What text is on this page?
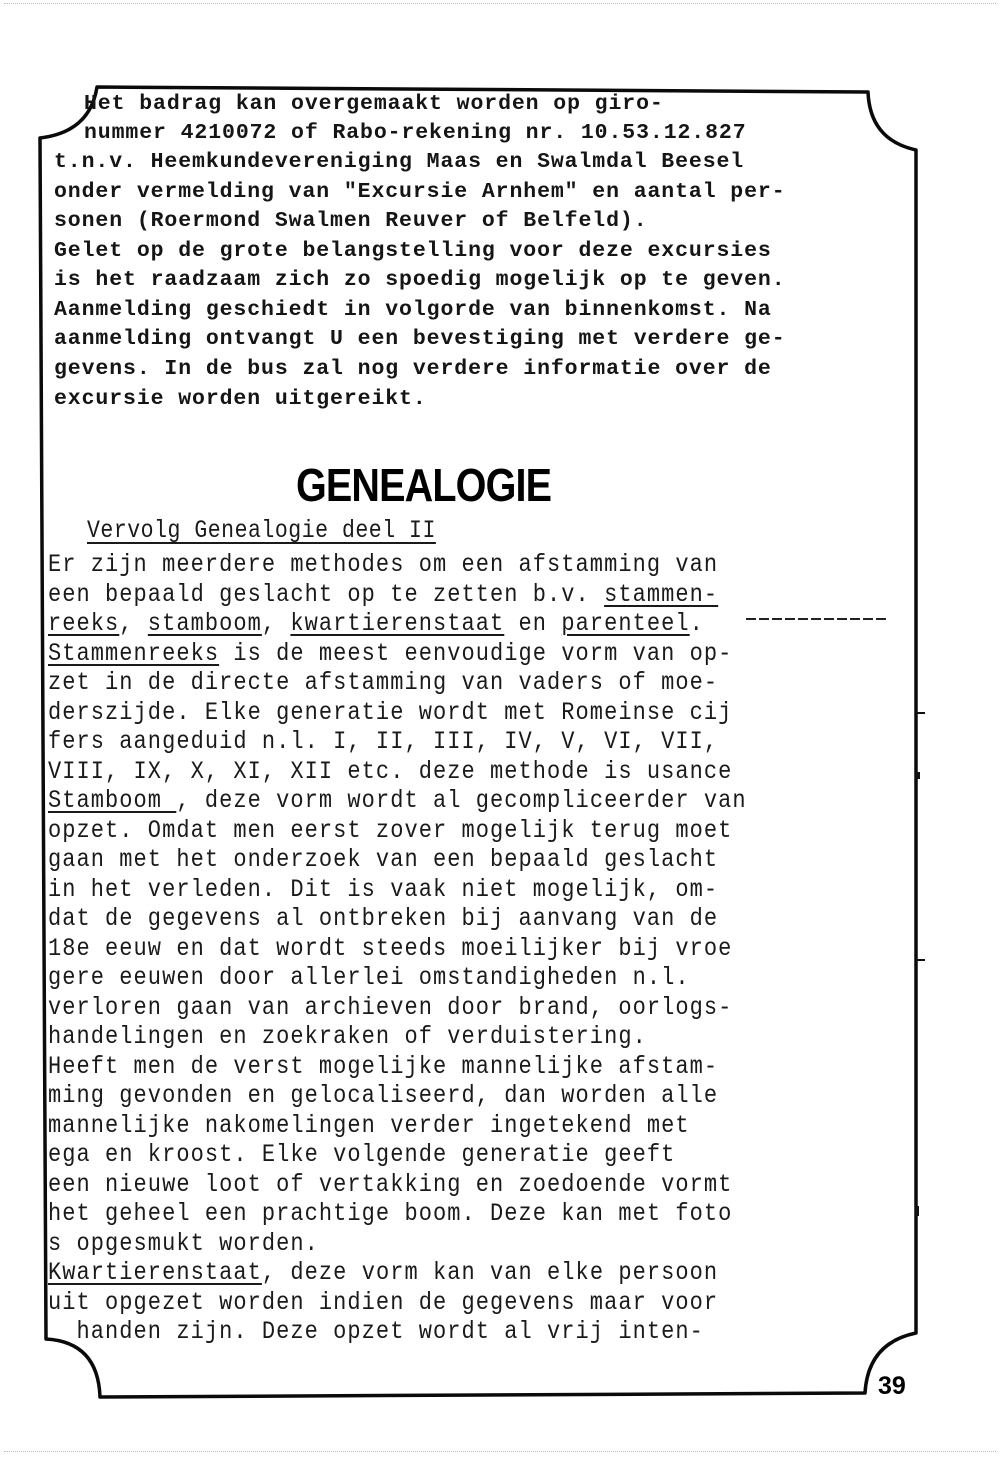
Het badrag kan overgemaakt worden op giro-
nummer 4210072 of Rabo-rekening nr. 10.53.12.827
t.n.v. Heemkundevereniging Maas en Swalmdal Beesel
onder vermelding van "Excursie Arnhem" en aantal per-
sonen (Roermond Swalmen Reuver of Belfeld).
Gelet op de grote belangstelling voor deze excursies
is het raadzaam zich zo spoedig mogelijk op te geven.
Aanmelding geschiedt in volgorde van binnenkomst. Na
aanmelding ontvangt U een bevestiging met verdere ge-
gevens. In de bus zal nog verdere informatie over de
excursie worden uitgereikt.
GENEALOGIE
Vervolg Genealogie deel II
Er zijn meerdere methodes om een afstamming van
een bepaald geslacht op te zetten b.v. stammen-
reeks, stamboom, kwartierenstaat en parenteel.
Stammenreeks is de meest eenvoudige vorm van op-
zet in de directe afstamming van vaders of moe-
derszijde. Elke generatie wordt met Romeinse cij
fers aangeduid n.l. I, II, III, IV, V, VI, VII,
VIII, IX, X, XI, XII etc. deze methode is usance
Stamboom , deze vorm wordt al gecompliceerder van
opzet. Omdat men eerst zover mogelijk terug moet
gaan met het onderzoek van een bepaald geslacht
in het verleden. Dit is vaak niet mogelijk, om-
dat de gegevens al ontbreken bij aanvang van de
18e eeuw en dat wordt steeds moeilijker bij vroe
gere eeuwen door allerlei omstandigheden n.l.
verloren gaan van archieven door brand, oorlogs-
handelingen en zoekraken of verduistering.
Heeft men de verst mogelijke mannelijke afstam-
ming gevonden en gelocaliseerd, dan worden alle
mannelijke nakomelingen verder ingetekend met
ega en kroost. Elke volgende generatie geeft
een nieuwe loot of vertakking en zoedoende vormt
het geheel een prachtige boom. Deze kan met foto
s opgesmukt worden.
Kwartierenstaat, deze vorm kan van elke persoon
uit opgezet worden indien de gegevens maar voor
handen zijn. Deze opzet wordt al vrij inten-
39
